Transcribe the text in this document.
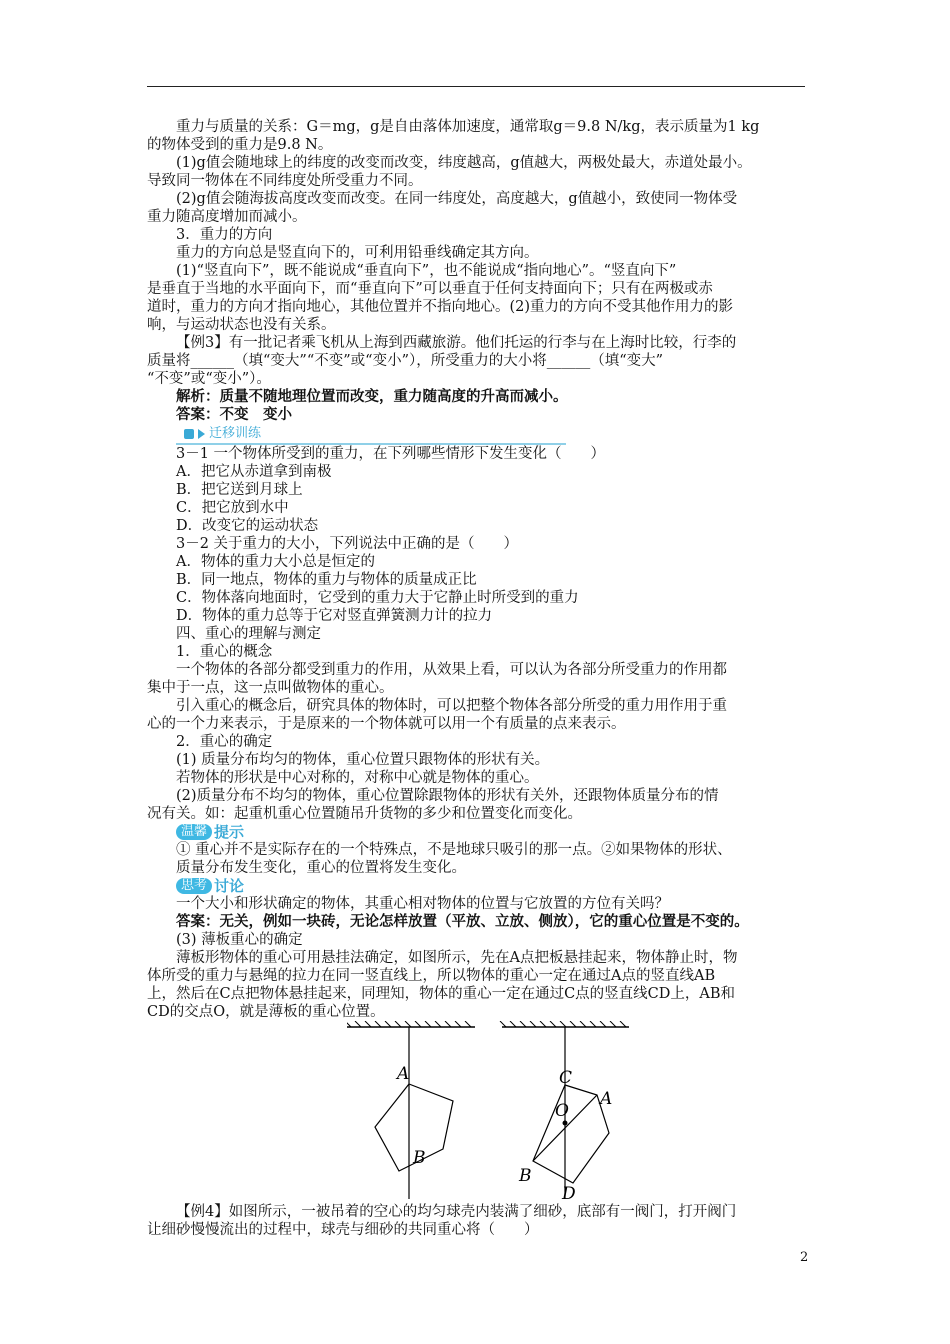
重力与质量的关系：G＝mg，g是自由落体加速度，通常取g＝9.8 N/kg，表示质量为1 kg

的物体受到的重力是9.8 N。

(1)g值会随地球上的纬度的改变而改变，纬度越高，g值越大，两极处最大，赤道处最小。

导致同一物体在不同纬度处所受重力不同。

(2)g值会随海拔高度改变而改变。在同一纬度处，高度越大，g值越小，致使同一物体受

重力随高度增加而减小。

3．重力的方向

重力的方向总是竖直向下的，可利用铅垂线确定其方向。

(1)“竖直向下”，既不能说成“垂直向下”，也不能说成“指向地心”。“竖直向下”

是垂直于当地的水平面向下，而“垂直向下”可以垂直于任何支持面向下；只有在两极或赤

道时，重力的方向才指向地心，其他位置并不指向地心。(2)重力的方向不受其他作用力的影

响，与运动状态也没有关系。

【例3】有一批记者乘飞机从上海到西藏旅游。他们托运的行李与在上海时比较，行李的

质量将______（填“变大”“不变”或“变小”），所受重力的大小将______（填“变大”

“不变”或“变小”）。

解析：质量不随地理位置而改变，重力随高度的升高而减小。

答案：不变　变小

迁移训练

3－1 一个物体所受到的重力，在下列哪些情形下发生变化（　　）

A．把它从赤道拿到南极

B．把它送到月球上

C．把它放到水中

D．改变它的运动状态

3－2 关于重力的大小，下列说法中正确的是（　　）

A．物体的重力大小总是恒定的

B．同一地点，物体的重力与物体的质量成正比

C．物体落向地面时，它受到的重力大于它静止时所受到的重力

D．物体的重力总等于它对竖直弹簧测力计的拉力

四、重心的理解与测定

1．重心的概念

一个物体的各部分都受到重力的作用，从效果上看，可以认为各部分所受重力的作用都

集中于一点，这一点叫做物体的重心。

引入重心的概念后，研究具体的物体时，可以把整个物体各部分所受的重力用作用于重

心的一个力来表示，于是原来的一个物体就可以用一个有质量的点来表示。

2．重心的确定

(1) 质量分布均匀的物体，重心位置只跟物体的形状有关。

若物体的形状是中心对称的，对称中心就是物体的重心。

(2)质量分布不均匀的物体，重心位置除跟物体的形状有关外，还跟物体质量分布的情

况有关。如：起重机重心位置随吊升货物的多少和位置变化而变化。

温馨 提示

① 重心并不是实际存在的一个特殊点，不是地球只吸引的那一点。②如果物体的形状、

质量分布发生变化，重心的位置将发生变化。

思考 讨论

一个大小和形状确定的物体，其重心相对物体的位置与它放置的方位有关吗？

答案：无关，例如一块砖，无论怎样放置（平放、立放、侧放），它的重心位置是不变的。

(3) 薄板重心的确定

薄板形物体的重心可用悬挂法确定，如图所示，先在A点把板悬挂起来，物体静止时，物

体所受的重力与悬绳的拉力在同一竖直线上，所以物体的重心一定在通过A点的竖直线AB

上，然后在C点把物体悬挂起来，同理知，物体的重心一定在通过C点的竖直线CD上，AB和

CD的交点O，就是薄板的重心位置。

A
B
C
A
O
B
D

【例4】如图所示，一被吊着的空心的均匀球壳内装满了细砂，底部有一阀门，打开阀门

让细砂慢慢流出的过程中，球壳与细砂的共同重心将（　　）

2
